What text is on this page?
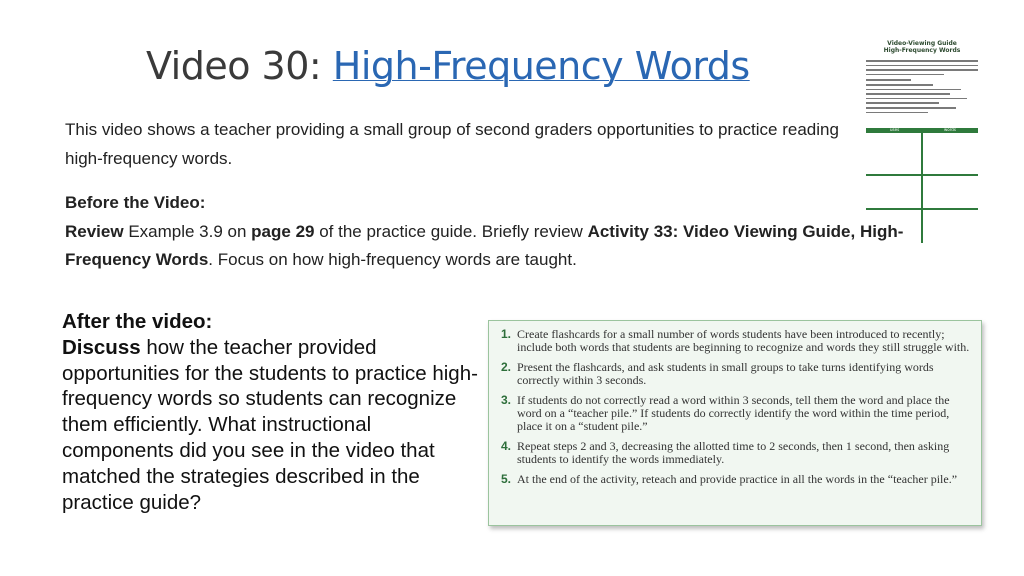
Video 30: High-Frequency Words

This video shows a teacher providing a small group of second graders opportunities to practice reading high-frequency words.

Before the Video:
Review Example 3.9 on page 29 of the practice guide. Briefly review Activity 33: Video Viewing Guide, High-Frequency Words. Focus on how high-frequency words are taught.

After the video:
Discuss how the teacher provided opportunities for the students to practice high-frequency words so students can recognize them efficiently. What instructional components did you see in the video that matched the strategies described in the practice guide?

Video-Viewing Guide
High-Frequency Words
uses	words
1. Create flashcards for a small number of words students have been introduced to recently; include both words that students are beginning to recognize and words they still struggle with.
2. Present the flashcards, and ask students in small groups to take turns identifying words correctly within 3 seconds.
3. If students do not correctly read a word within 3 seconds, tell them the word and place the word on a “teacher pile.” If students do correctly identify the word within the time period, place it on a “student pile.”
4. Repeat steps 2 and 3, decreasing the allotted time to 2 seconds, then 1 second, then asking students to identify the words immediately.
5. At the end of the activity, reteach and provide practice in all the words in the “teacher pile.”
